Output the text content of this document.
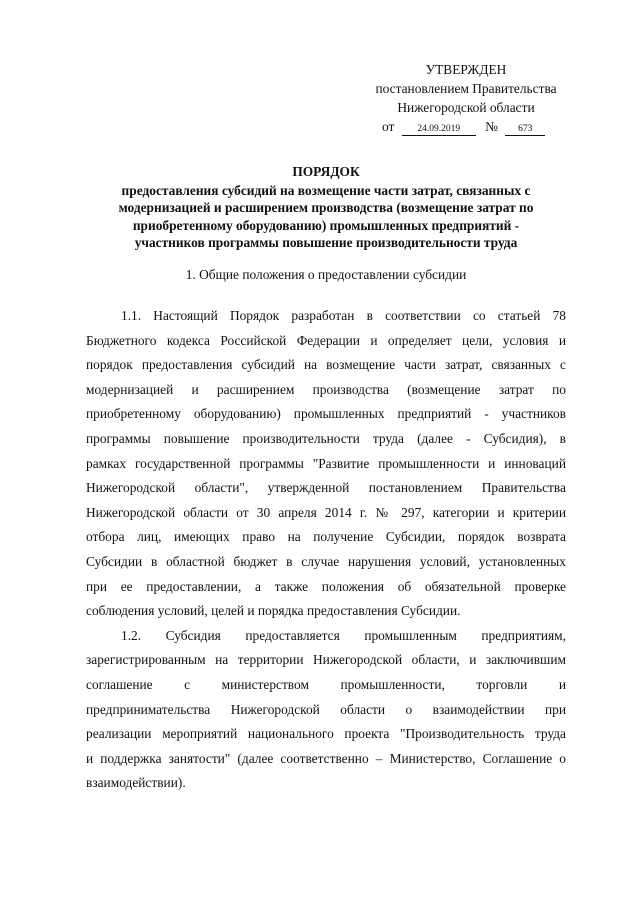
УТВЕРЖДЕН
постановлением Правительства
Нижегородской области
от 24.09.2019 № 673
ПОРЯДОК
предоставления субсидий на возмещение части затрат, связанных с
модернизацией и расширением производства (возмещение затрат по
приобретенному оборудованию) промышленных предприятий -
участников программы повышение производительности труда
1. Общие положения о предоставлении субсидии
1.1. Настоящий Порядок разработан в соответствии со статьей 78
Бюджетного кодекса Российской Федерации и определяет цели, условия и
порядок предоставления субсидий на возмещение части затрат, связанных с
модернизацией и расширением производства (возмещение затрат по
приобретенному оборудованию) промышленных предприятий - участников
программы повышение производительности труда (далее - Субсидия), в
рамках государственной программы "Развитие промышленности и инноваций
Нижегородской области", утвержденной постановлением Правительства
Нижегородской области от 30 апреля 2014 г. № 297, категории и критерии
отбора лиц, имеющих право на получение Субсидии, порядок возврата
Субсидии в областной бюджет в случае нарушения условий, установленных
при ее предоставлении, а также положения об обязательной проверке
соблюдения условий, целей и порядка предоставления Субсидии.
1.2. Субсидия предоставляется промышленным предприятиям,
зарегистрированным на территории Нижегородской области, и заключившим
соглашение с министерством промышленности, торговли и
предпринимательства Нижегородской области о взаимодействии при
реализации мероприятий национального проекта "Производительность труда
и поддержка занятости" (далее соответственно – Министерство, Соглашение о
взаимодействии).
